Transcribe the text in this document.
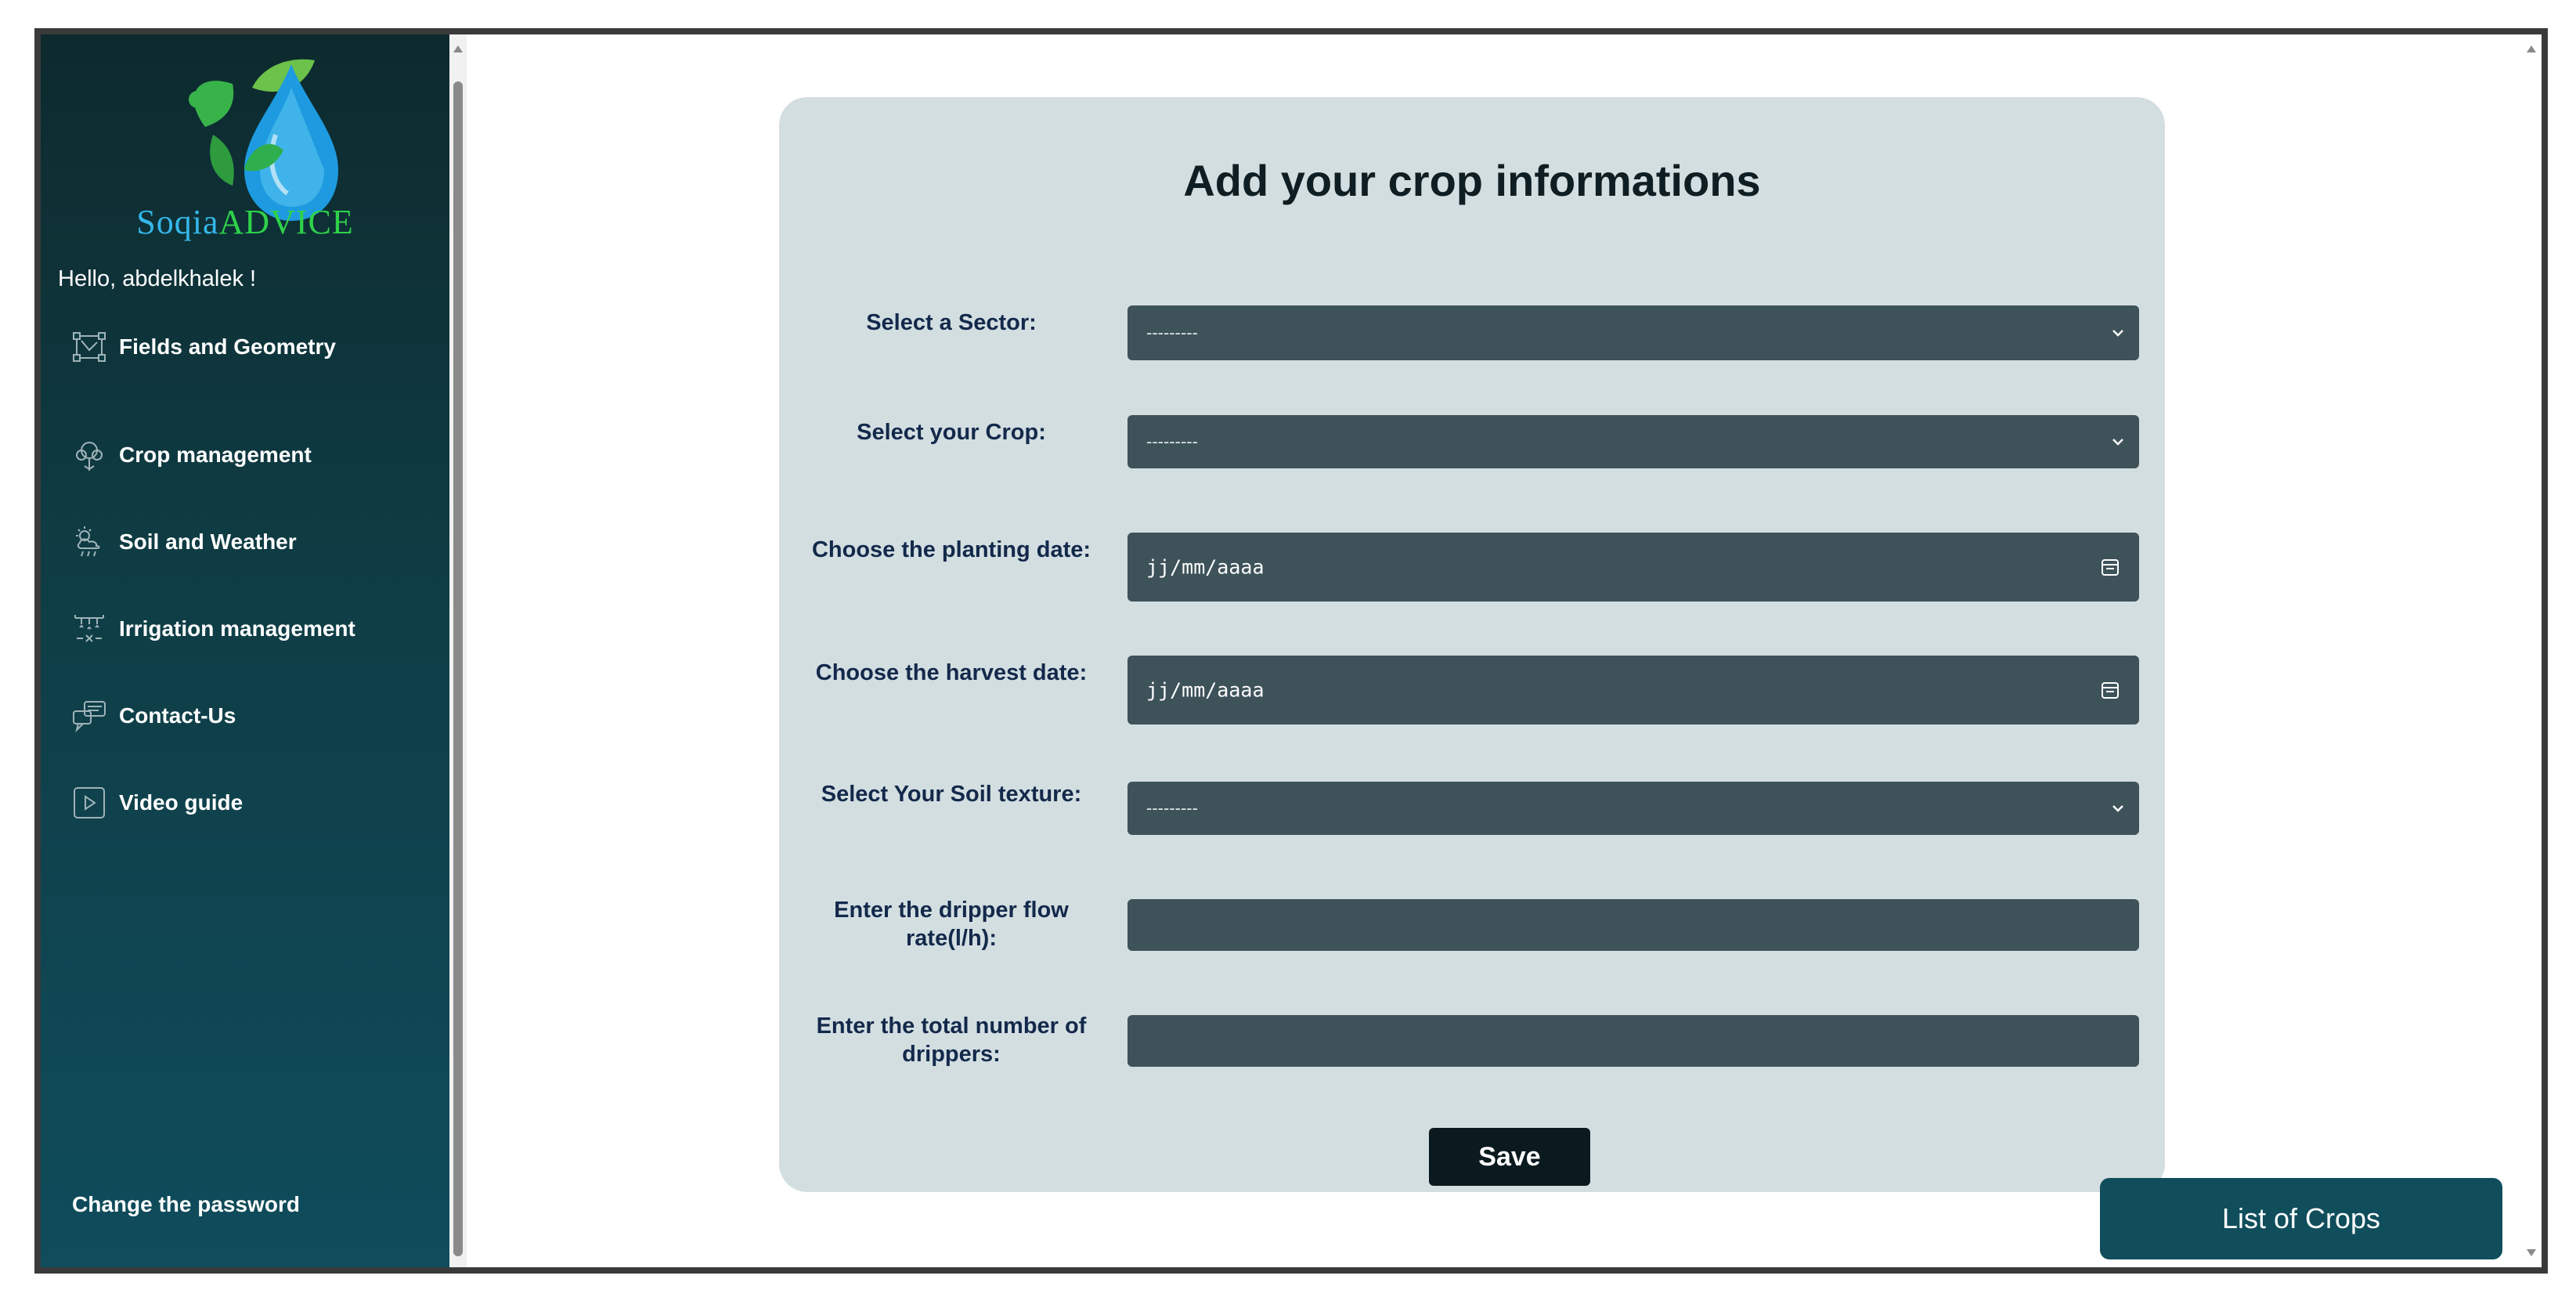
SoqiaADVICE
Hello, abdelkhalek !
Fields and Geometry
Crop management
Soil and Weather
Irrigation management
Contact-Us
Video guide
Change the password
Log out
Add your crop informations
Select a Sector:	---------
Select your Crop:	---------
Choose the planting date:
jj/mm/aaaa
Choose the harvest date:
jj/mm/aaaa
Select Your Soil texture:
---------
Enter the dripper flow rate(l/h):
Enter the total number of drippers:
Save
List of Crops
